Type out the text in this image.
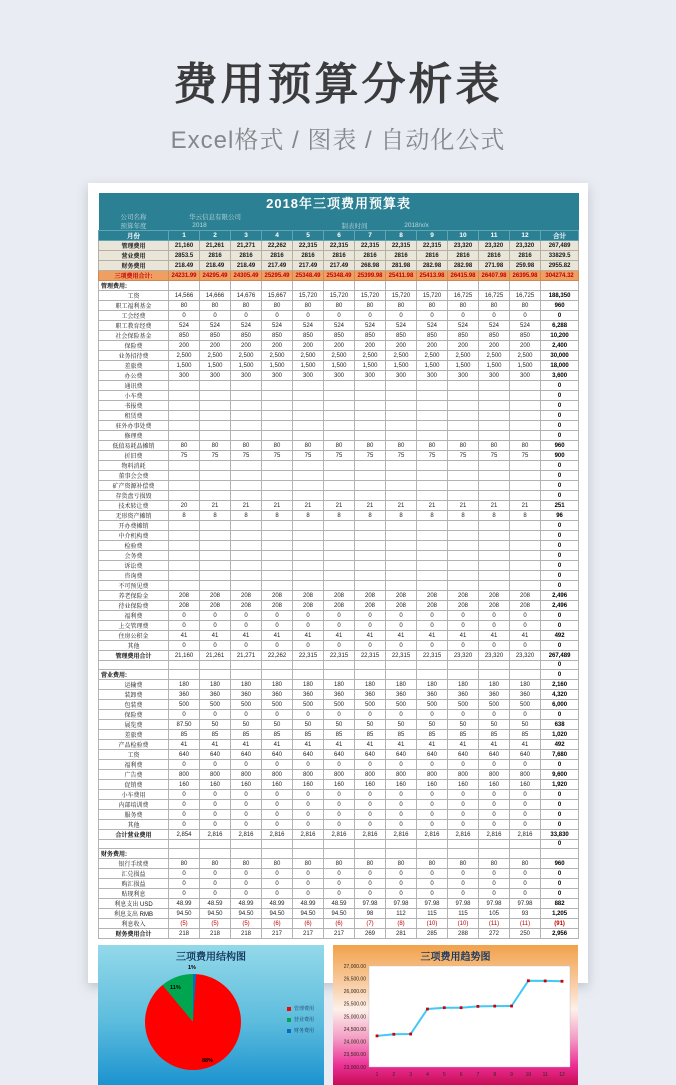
费用预算分析表
Excel格式 / 图表 / 自动化公式
2018年三项费用预算表													
公司名称	华云信息有限公司												
预算年度	2018					制表时间		2018/x/x					
月份	1	2	3	4	5	6	7	8	9	10	11	12	合计
管理费用	21,160	21,261	21,271	22,262	22,315	22,315	22,315	22,315	22,315	23,320	23,320	23,320	267,489
营业费用	2853.5	2816	2816	2816	2816	2816	2816	2816	2816	2816	2816	2816	33829.5
财务费用	218.49	218.49	218.49	217.49	217.49	217.49	268.98	281.98	282.98	282.98	271.98	259.98	2955.82
三项费用合计:	24231.99	24295.49	24305.49	25295.49	25348.49	25348.49	25399.98	25411.98	25413.98	26415.98	26407.98	26395.98	304274.32
管理费用:													
工资	14,566	14,666	14,676	15,667	15,720	15,720	15,720	15,720	15,720	16,725	16,725	16,725	188,350
职工福利基金	80	80	80	80	80	80	80	80	80	80	80	80	960
工会经费	0	0	0	0	0	0	0	0	0	0	0	0	0
职工教育经费	524	524	524	524	524	524	524	524	524	524	524	524	6,288
社会保险基金	850	850	850	850	850	850	850	850	850	850	850	850	10,200
保险费	200	200	200	200	200	200	200	200	200	200	200	200	2,400
业务招待费	2,500	2,500	2,500	2,500	2,500	2,500	2,500	2,500	2,500	2,500	2,500	2,500	30,000
差旅费	1,500	1,500	1,500	1,500	1,500	1,500	1,500	1,500	1,500	1,500	1,500	1,500	18,000
办公费	300	300	300	300	300	300	300	300	300	300	300	300	3,600
通讯费													0
小车费													0
书报费													0
租赁费													0
驻外办事处费													0
修理费													0
低值易耗品摊销	80	80	80	80	80	80	80	80	80	80	80	80	960
折旧费	75	75	75	75	75	75	75	75	75	75	75	75	900
物料消耗													0
董事会会费													0
矿产资源补偿费													0
存货盘亏损毁													0
技术转让费	20	21	21	21	21	21	21	21	21	21	21	21	251
无形资产摊销	8	8	8	8	8	8	8	8	8	8	8	8	96
开办费摊销													0
中介机构费													0
检验费													0
会务费													0
诉讼费													0
咨询费													0
不可预见费													0
养老保险金	208	208	208	208	208	208	208	208	208	208	208	208	2,496
待业保险费	208	208	208	208	208	208	208	208	208	208	208	208	2,496
福利费	0	0	0	0	0	0	0	0	0	0	0	0	0
上交管理费	0	0	0	0	0	0	0	0	0	0	0	0	0
住房公积金	41	41	41	41	41	41	41	41	41	41	41	41	492
其他	0	0	0	0	0	0	0	0	0	0	0	0	0
管理费用合计	21,160	21,261	21,271	22,262	22,315	22,315	22,315	22,315	22,315	23,320	23,320	23,320	267,489
													0
营业费用:													0
运输费	180	180	180	180	180	180	180	180	180	180	180	180	2,160
装卸费	360	360	360	360	360	360	360	360	360	360	360	360	4,320
包装费	500	500	500	500	500	500	500	500	500	500	500	500	6,000
保险费	0	0	0	0	0	0	0	0	0	0	0	0	0
展览费	87.50	50	50	50	50	50	50	50	50	50	50	50	638
差旅费	85	85	85	85	85	85	85	85	85	85	85	85	1,020
产品检验费	41	41	41	41	41	41	41	41	41	41	41	41	492
工资	640	640	640	640	640	640	640	640	640	640	640	640	7,680
福利费	0	0	0	0	0	0	0	0	0	0	0	0	0
广告费	800	800	800	800	800	800	800	800	800	800	800	800	9,600
促销费	160	160	160	160	160	160	160	160	160	160	160	160	1,920
小车费用	0	0	0	0	0	0	0	0	0	0	0	0	0
内部培训费	0	0	0	0	0	0	0	0	0	0	0	0	0
服务费	0	0	0	0	0	0	0	0	0	0	0	0	0
其他	0	0	0	0	0	0	0	0	0	0	0	0	0
合计营业费用	2,854	2,816	2,816	2,816	2,816	2,816	2,816	2,816	2,816	2,816	2,816	2,816	33,830
													0
财务费用:													
银行手续费	80	80	80	80	80	80	80	80	80	80	80	80	960
汇兑损益	0	0	0	0	0	0	0	0	0	0	0	0	0
购汇损益	0	0	0	0	0	0	0	0	0	0	0	0	0
贴现利息	0	0	0	0	0	0	0	0	0	0	0	0	0
利息支出 USD	48.99	48.59	48.99	48.99	48.99	48.59	97.98	97.98	97.98	97.98	97.98	97.98	882
利息支出 RMB	94.50	94.50	94.50	94.50	94.50	94.50	98	112	115	115	105	93	1,205
利息收入	(5)	(5)	(5)	(6)	(6)	(6)	(7)	(8)	(10)	(10)	(11)	(11)	(91)
财务费用合计	218	218	218	217	217	217	269	281	285	288	272	250	2,956
三项费用结构图
88%
11%
1%
管理费用
营业费用
财务费用
三项费用趋势图
23,000.00
23,500.00
24,000.00
24,500.00
25,000.00
25,500.00
26,000.00
26,500.00
27,000.00
1	2	3	4	5	6	7	8	9	10 11 12
